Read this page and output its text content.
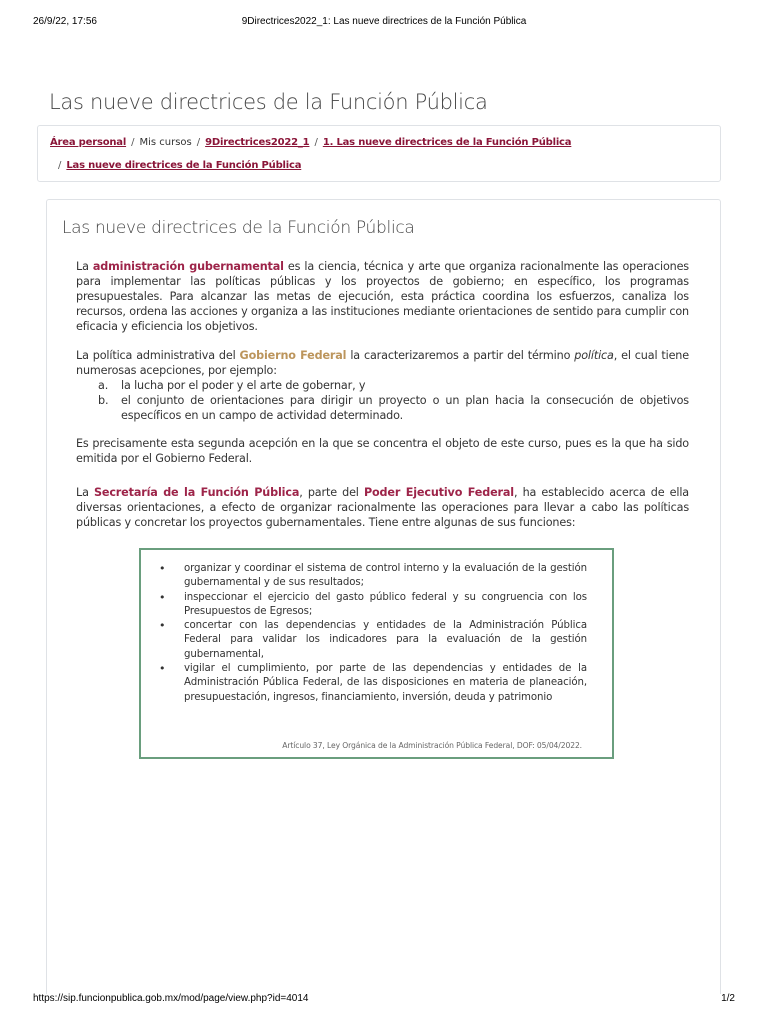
26/9/22, 17:56	9Directrices2022_1: Las nueve directrices de la Función Pública
Las nueve directrices de la Función Pública
Área personal / Mis cursos / 9Directrices2022_1 / 1. Las nueve directrices de la Función Pública
/ Las nueve directrices de la Función Pública
Las nueve directrices de la Función Pública

La administración gubernamental es la ciencia, técnica y arte que organiza racionalmente las operaciones para implementar las políticas públicas y los proyectos de gobierno; en específico, los programas presupuestales. Para alcanzar las metas de ejecución, esta práctica coordina los esfuerzos, canaliza los recursos, ordena las acciones y organiza a las instituciones mediante orientaciones de sentido para cumplir con eficacia y eficiencia los objetivos.

La política administrativa del Gobierno Federal la caracterizaremos a partir del término política, el cual tiene numerosas acepciones, por ejemplo:

a. la lucha por el poder y el arte de gobernar, y
b. el conjunto de orientaciones para dirigir un proyecto o un plan hacia la consecución de objetivos específicos en un campo de actividad determinado.

Es precisamente esta segunda acepción en la que se concentra el objeto de este curso, pues es la que ha sido emitida por el Gobierno Federal.

La Secretaría de la Función Pública, parte del Poder Ejecutivo Federal, ha establecido acerca de ella diversas orientaciones, a efecto de organizar racionalmente las operaciones para llevar a cabo las políticas públicas y concretar los proyectos gubernamentales. Tiene entre algunas de sus funciones:

• organizar y coordinar el sistema de control interno y la evaluación de la gestión gubernamental y de sus resultados;
• inspeccionar el ejercicio del gasto público federal y su congruencia con los Presupuestos de Egresos;
• concertar con las dependencias y entidades de la Administración Pública Federal para validar los indicadores para la evaluación de la gestión gubernamental,
• vigilar el cumplimiento, por parte de las dependencias y entidades de la Administración Pública Federal, de las disposiciones en materia de planeación, presupuestación, ingresos, financiamiento, inversión, deuda y patrimonio
Artículo 37, Ley Orgánica de la Administración Pública Federal, DOF: 05/04/2022.
https://sip.funcionpublica.gob.mx/mod/page/view.php?id=4014	1/2
